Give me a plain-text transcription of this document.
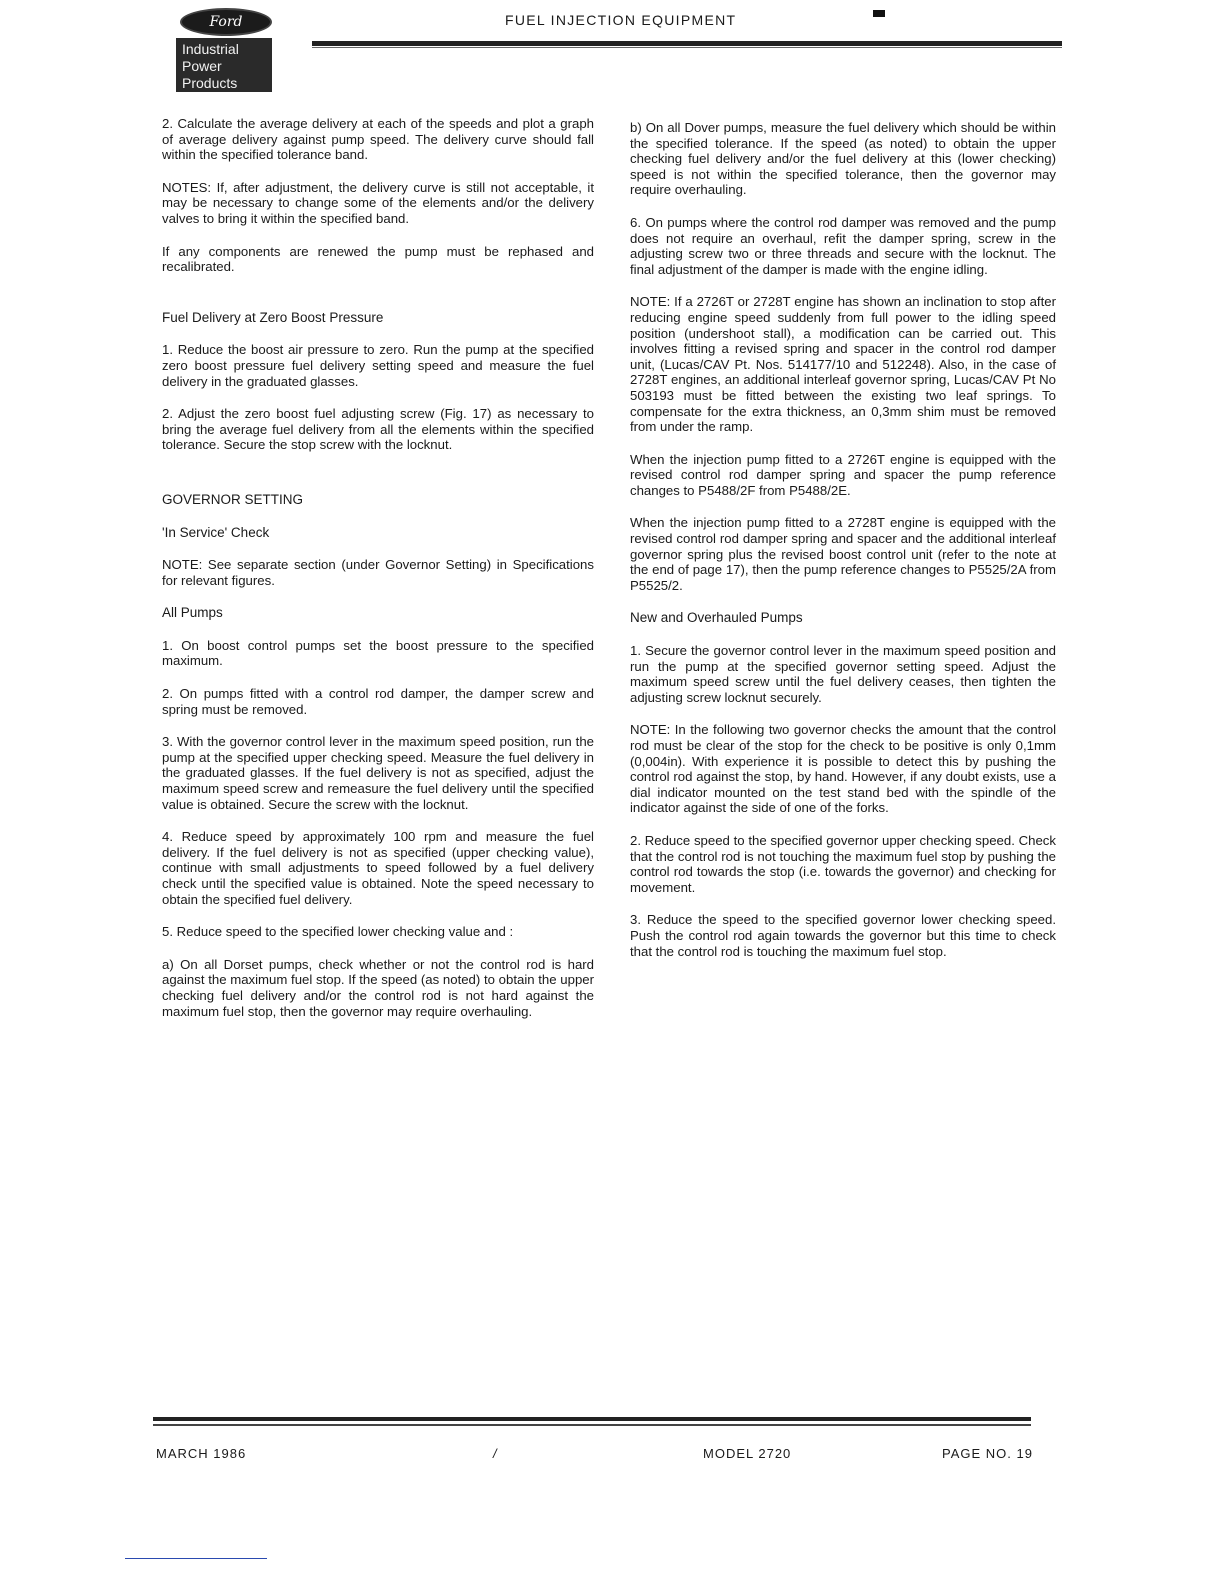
Ford
Industrial
Power
Products
FUEL INJECTION EQUIPMENT

2. Calculate the average delivery at each of the speeds and plot a graph of average delivery against pump speed. The delivery curve should fall within the specified tolerance band.

NOTES: If, after adjustment, the delivery curve is still not acceptable, it may be necessary to change some of the elements and/or the delivery valves to bring it within the specified band.

If any components are renewed the pump must be rephased and recalibrated.

Fuel Delivery at Zero Boost Pressure

1. Reduce the boost air pressure to zero. Run the pump at the specified zero boost pressure fuel delivery setting speed and measure the fuel delivery in the graduated glasses.

2. Adjust the zero boost fuel adjusting screw (Fig. 17) as necessary to bring the average fuel delivery from all the elements within the specified tolerance. Secure the stop screw with the locknut.

GOVERNOR SETTING
'In Service' Check

NOTE: See separate section (under Governor Setting) in Specifications for relevant figures.

All Pumps

1. On boost control pumps set the boost pressure to the specified maximum.

2. On pumps fitted with a control rod damper, the damper screw and spring must be removed.

3. With the governor control lever in the maximum speed position, run the pump at the specified upper checking speed. Measure the fuel delivery in the graduated glasses. If the fuel delivery is not as specified, adjust the maximum speed screw and remeasure the fuel delivery until the specified value is obtained. Secure the screw with the locknut.

4. Reduce speed by approximately 100 rpm and measure the fuel delivery. If the fuel delivery is not as specified (upper checking value), continue with small adjustments to speed followed by a fuel delivery check until the specified value is obtained. Note the speed necessary to obtain the specified fuel delivery.

5. Reduce speed to the specified lower checking value and :

a) On all Dorset pumps, check whether or not the control rod is hard against the maximum fuel stop. If the speed (as noted) to obtain the upper checking fuel delivery and/or the control rod is not hard against the maximum fuel stop, then the governor may require overhauling.

b) On all Dover pumps, measure the fuel delivery which should be within the specified tolerance. If the speed (as noted) to obtain the upper checking fuel delivery and/or the fuel delivery at this (lower checking) speed is not within the specified tolerance, then the governor may require overhauling.

6. On pumps where the control rod damper was removed and the pump does not require an overhaul, refit the damper spring, screw in the adjusting screw two or three threads and secure with the locknut. The final adjustment of the damper is made with the engine idling.

NOTE: If a 2726T or 2728T engine has shown an inclination to stop after reducing engine speed suddenly from full power to the idling speed position (undershoot stall), a modification can be carried out. This involves fitting a revised spring and spacer in the control rod damper unit, (Lucas/CAV Pt. Nos. 514177/10 and 512248). Also, in the case of 2728T engines, an additional interleaf governor spring, Lucas/CAV Pt No 503193 must be fitted between the existing two leaf springs. To compensate for the extra thickness, an 0,3mm shim must be removed from under the ramp.

When the injection pump fitted to a 2726T engine is equipped with the revised control rod damper spring and spacer the pump reference changes to P5488/2F from P5488/2E.

When the injection pump fitted to a 2728T engine is equipped with the revised control rod damper spring and spacer and the additional interleaf governor spring plus the revised boost control unit (refer to the note at the end of page 17), then the pump reference changes to P5525/2A from P5525/2.

New and Overhauled Pumps

1. Secure the governor control lever in the maximum speed position and run the pump at the specified governor setting speed. Adjust the maximum speed screw until the fuel delivery ceases, then tighten the adjusting screw locknut securely.

NOTE: In the following two governor checks the amount that the control rod must be clear of the stop for the check to be positive is only 0,1mm (0,004in). With experience it is possible to detect this by pushing the control rod against the stop, by hand. However, if any doubt exists, use a dial indicator mounted on the test stand bed with the spindle of the indicator against the side of one of the forks.

2. Reduce speed to the specified governor upper checking speed. Check that the control rod is not touching the maximum fuel stop by pushing the control rod towards the stop (i.e. towards the governor) and checking for movement.

3. Reduce the speed to the specified governor lower checking speed. Push the control rod again towards the governor but this time to check that the control rod is touching the maximum fuel stop.

MARCH 1986	/	MODEL 2720	PAGE NO. 19
